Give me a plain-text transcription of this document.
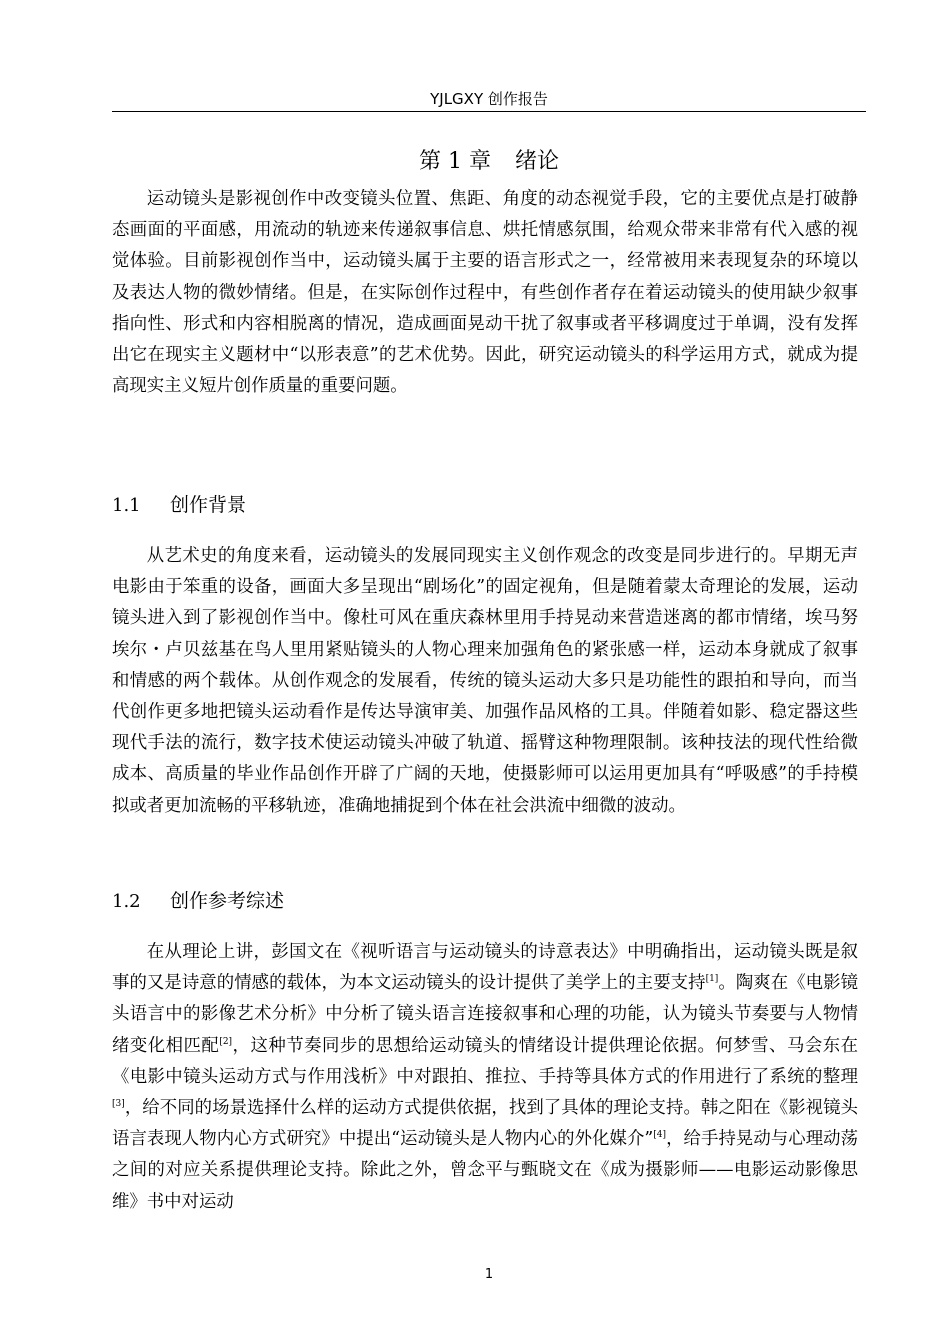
YJLGXY 创作报告
第 1 章 绪论

运动镜头是影视创作中改变镜头位置、焦距、角度的动态视觉手段，它的主要优点是打破静态画面的平面感，用流动的轨迹来传递叙事信息、烘托情感氛围，给观众带来非常有代入感的视觉体验。目前影视创作当中，运动镜头属于主要的语言形式之一，经常被用来表现复杂的环境以及表达人物的微妙情绪。但是，在实际创作过程中，有些创作者存在着运动镜头的使用缺少叙事指向性、形式和内容相脱离的情况，造成画面晃动干扰了叙事或者平移调度过于单调，没有发挥出它在现实主义题材中“以形表意”的艺术优势。因此，研究运动镜头的科学运用方式，就成为提高现实主义短片创作质量的重要问题。

1.1 创作背景

从艺术史的角度来看，运动镜头的发展同现实主义创作观念的改变是同步进行的。早期无声电影由于笨重的设备，画面大多呈现出“剧场化”的固定视角，但是随着蒙太奇理论的发展，运动镜头进入到了影视创作当中。像杜可风在重庆森林里用手持晃动来营造迷离的都市情绪，埃马努埃尔・卢贝兹基在鸟人里用紧贴镜头的人物心理来加强角色的紧张感一样，运动本身就成了叙事和情感的两个载体。从创作观念的发展看，传统的镜头运动大多只是功能性的跟拍和导向，而当代创作更多地把镜头运动看作是传达导演审美、加强作品风格的工具。伴随着如影、稳定器这些现代手法的流行，数字技术使运动镜头冲破了轨道、摇臂这种物理限制。该种技法的现代性给微成本、高质量的毕业作品创作开辟了广阔的天地，使摄影师可以运用更加具有“呼吸感”的手持模拟或者更加流畅的平移轨迹，准确地捕捉到个体在社会洪流中细微的波动。

1.2 创作参考综述

在从理论上讲，彭国文在《视听语言与运动镜头的诗意表达》中明确指出，运动镜头既是叙事的又是诗意的情感的载体，为本文运动镜头的设计提供了美学上的主要支持[1]。陶爽在《电影镜头语言中的影像艺术分析》中分析了镜头语言连接叙事和心理的功能，认为镜头节奏要与人物情绪变化相匹配[2]，这种节奏同步的思想给运动镜头的情绪设计提供理论依据。何梦雪、马会东在《电影中镜头运动方式与作用浅析》中对跟拍、推拉、手持等具体方式的作用进行了系统的整理[3]，给不同的场景选择什么样的运动方式提供依据，找到了具体的理论支持。韩之阳在《影视镜头语言表现人物内心方式研究》中提出“运动镜头是人物内心的外化媒介”[4]，给手持晃动与心理动荡之间的对应关系提供理论支持。除此之外，曾念平与甄晓文在《成为摄影师——电影运动影像思维》书中对运动

1
